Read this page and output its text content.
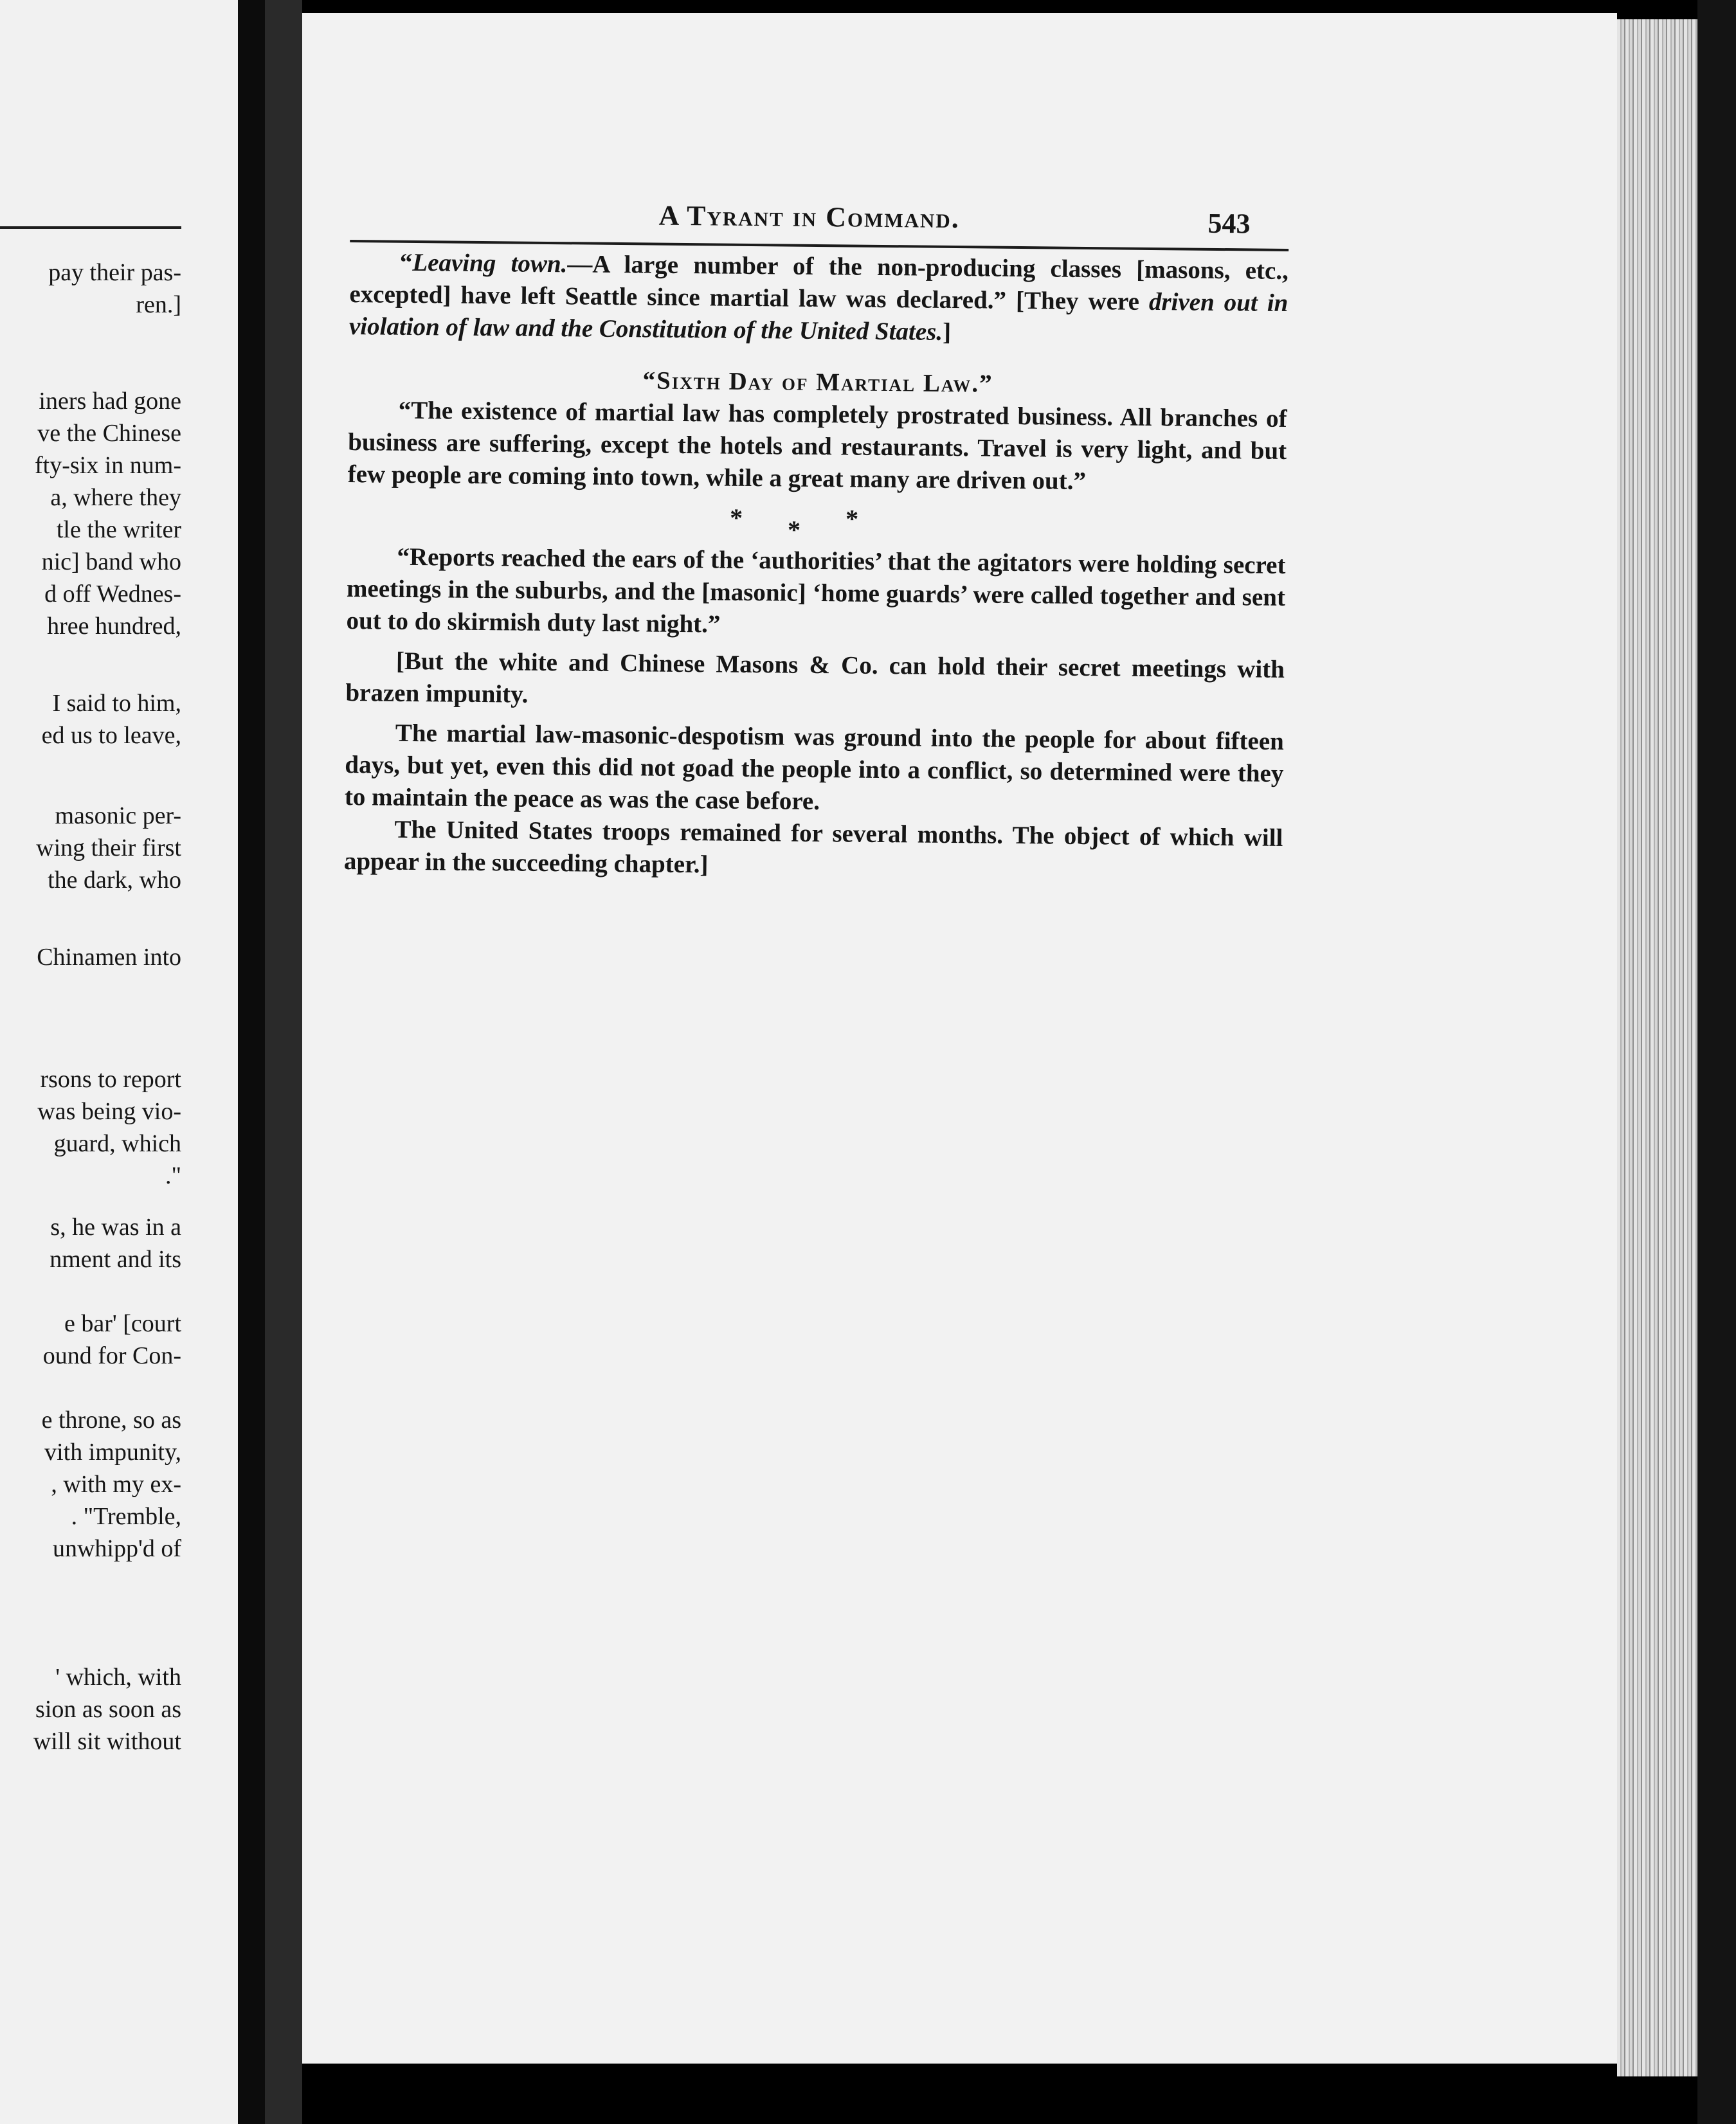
pay their pas-
ren.]
iners had gone
ve the Chinese
fty-six in num-
a, where they
tle the writer
nic] band who
d off Wednes-
hree hundred,
I said to him,
ed us to leave,
masonic per-
wing their first
the dark, who
Chinamen into
rsons to report
was being vio-
guard, which
."
s, he was in a
nment and its
e bar' [court
ound for Con-
e throne, so as
vith impunity,
, with my ex-
. "Tremble,
unwhipp'd of
' which, with
sion as soon as
will sit without
A Tyrant in Command.	543

“Leaving town.—A large number of the non-producing classes [masons, etc., excepted] have left Seattle since martial law was declared.” [They were driven out in violation of law and the Constitution of the United States.]

“Sixth Day of Martial Law.”

“The existence of martial law has completely prostrated business. All branches of business are suffering, except the hotels and restaurants. Travel is very light, and but few people are coming into town, while a great many are driven out.”

***

“Reports reached the ears of the ‘authorities’ that the agitators were holding secret meetings in the suburbs, and the [masonic] ‘home guards’ were called together and sent out to do skirmish duty last night.”

[But the white and Chinese Masons & Co. can hold their secret meetings with brazen impunity.

The martial law-masonic-despotism was ground into the people for about fifteen days, but yet, even this did not goad the people into a conflict, so determined were they to maintain the peace as was the case before.

The United States troops remained for several months. The object of which will appear in the succeeding chapter.]
